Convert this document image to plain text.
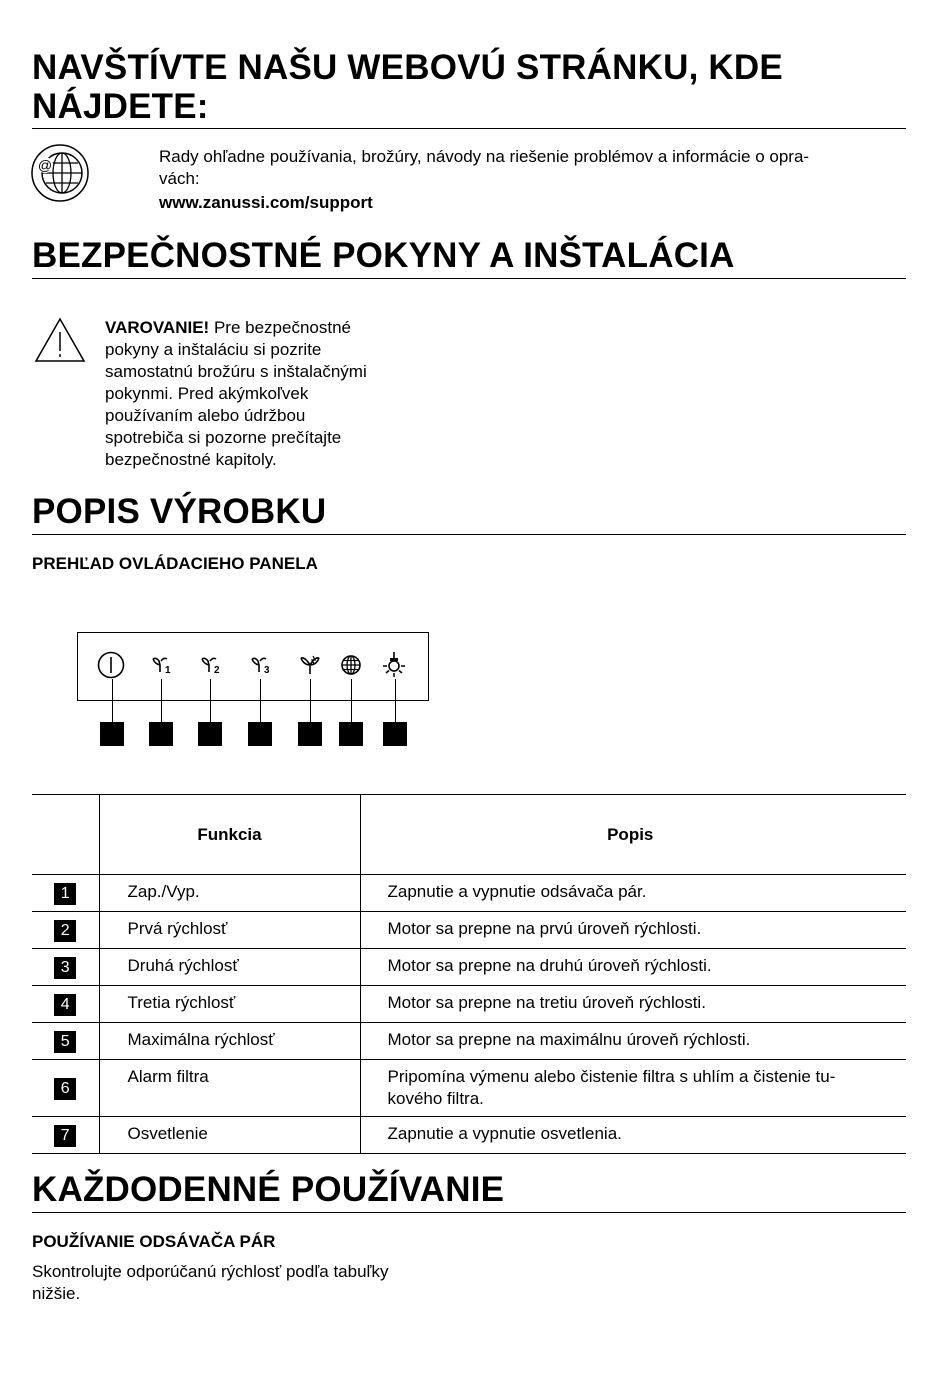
NAVŠTÍVTE NAŠU WEBOVÚ STRÁNKU, KDE
NÁJDETE:
@	Rady ohľadne používania, brožúry, návody na riešenie problémov a informácie o opra-
vách:
www.zanussi.com/support
BEZPEČNOSTNÉ POKYNY A INŠTALÁCIA
VAROVANIE! Pre bezpečnostné
pokyny a inštaláciu si pozrite
samostatnú brožúru s inštalačnými
pokynmi. Pred akýmkoľvek
používaním alebo údržbou
spotrebiča si pozorne prečítajte
bezpečnostné kapitoly.
POPIS VÝROBKU
PREHĽAD OVLÁDACIEHO PANELA
1	2	3
	Funkcia	Popis
1	Zap./Vyp.	Zapnutie a vypnutie odsávača pár.
2	Prvá rýchlosť	Motor sa prepne na prvú úroveň rýchlosti.
3	Druhá rýchlosť	Motor sa prepne na druhú úroveň rýchlosti.
4	Tretia rýchlosť	Motor sa prepne na tretiu úroveň rýchlosti.
5	Maximálna rýchlosť	Motor sa prepne na maximálnu úroveň rýchlosti.
6	Alarm filtra	Pripomína výmenu alebo čistenie filtra s uhlím a čistenie tu-
kového filtra.

7	Osvetlenie	Zapnutie a vypnutie osvetlenia.
KAŽDODENNÉ POUŽÍVANIE
POUŽÍVANIE ODSÁVAČA PÁR
Skontrolujte odporúčanú rýchlosť podľa tabuľky
nižšie.
